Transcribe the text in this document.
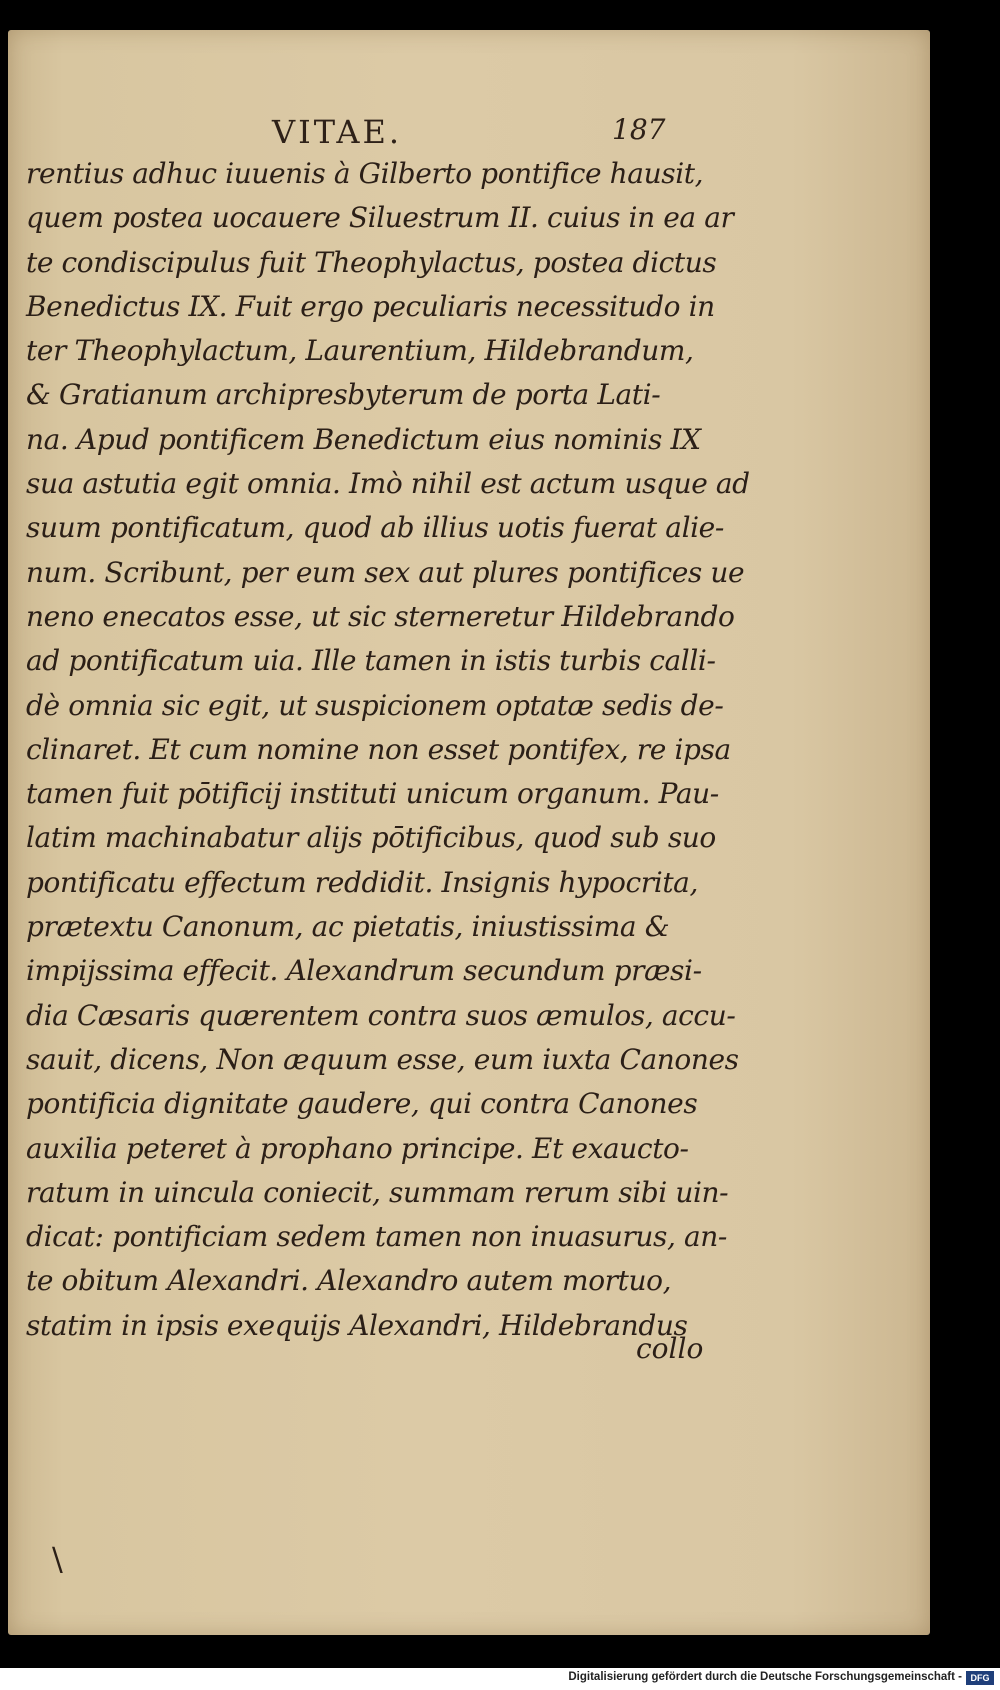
VITAE.	187
rentius adhuc iuuenis à Gilberto pontifice hausit,
quem postea uocauere Siluestrum II. cuius in ea ar
te condiscipulus fuit Theophylactus, postea dictus
Benedictus IX. Fuit ergo peculiaris necessitudo in
ter Theophylactum, Laurentium, Hildebrandum,
& Gratianum archipresbyterum de porta Lati-
na. Apud pontificem Benedictum eius nominis IX
sua astutia egit omnia. Imò nihil est actum usque ad
suum pontificatum, quod ab illius uotis fuerat alie-
num. Scribunt, per eum sex aut plures pontifices ue
neno enecatos esse, ut sic sterneretur Hildebrando
ad pontificatum uia. Ille tamen in istis turbis calli-
dè omnia sic egit, ut suspicionem optatæ sedis de-
clinaret. Et cum nomine non esset pontifex, re ipsa
tamen fuit pōtificij instituti unicum organum. Pau-
latim machinabatur alijs pōtificibus, quod sub suo
pontificatu effectum reddidit. Insignis hypocrita,
prætextu Canonum, ac pietatis, iniustissima &
impijssima effecit. Alexandrum secundum præsi-
dia Cæsaris quærentem contra suos æmulos, accu-
sauit, dicens, Non æquum esse, eum iuxta Canones
pontificia dignitate gaudere, qui contra Canones
auxilia peteret à prophano principe. Et exaucto-
ratum in uincula coniecit, summam rerum sibi uin-
dicat: pontificiam sedem tamen non inuasurus, an-
te obitum Alexandri. Alexandro autem mortuo,
statim in ipsis exequijs Alexandri, Hildebrandus
collo
\
Digitalisierung gefördert durch die Deutsche Forschungsgemeinschaft - DFG
